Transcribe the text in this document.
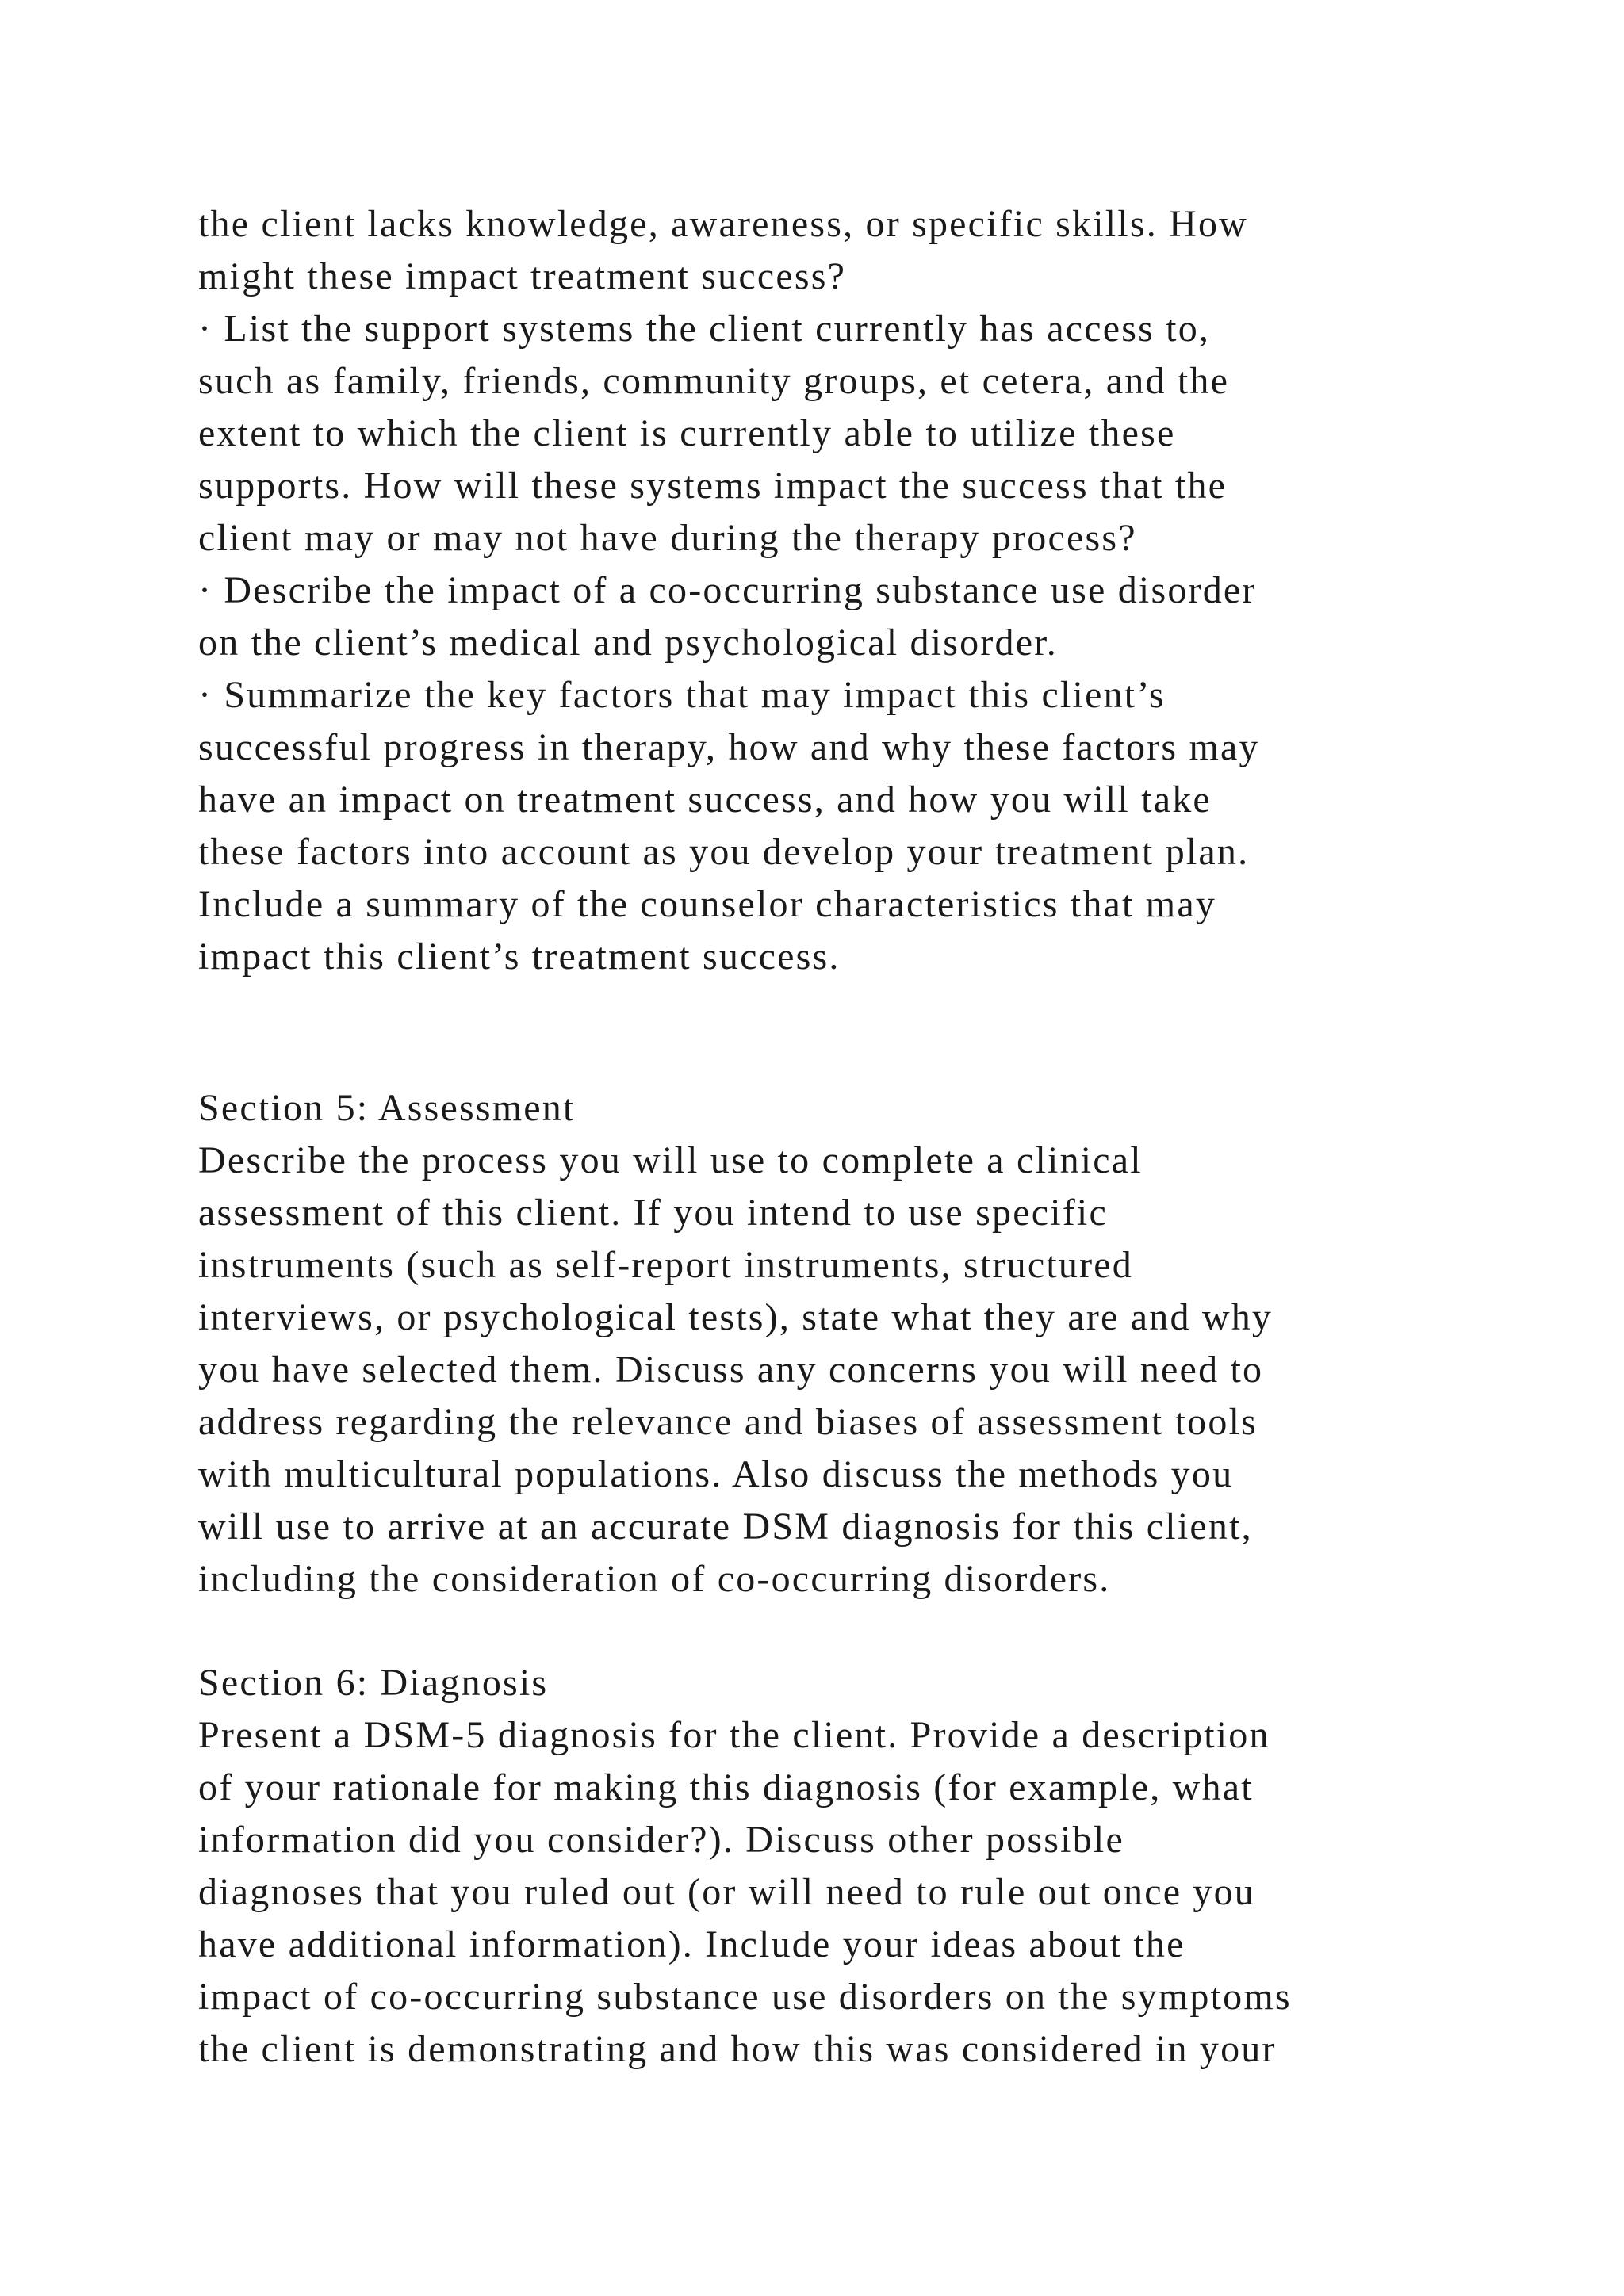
the client lacks knowledge, awareness, or specific skills. How
might these impact treatment success?
· List the support systems the client currently has access to,
such as family, friends, community groups, et cetera, and the
extent to which the client is currently able to utilize these
supports. How will these systems impact the success that the
client may or may not have during the therapy process?
· Describe the impact of a co-occurring substance use disorder
on the client’s medical and psychological disorder.
· Summarize the key factors that may impact this client’s
successful progress in therapy, how and why these factors may
have an impact on treatment success, and how you will take
these factors into account as you develop your treatment plan.
Include a summary of the counselor characteristics that may
impact this client’s treatment success.
Section 5: Assessment
Describe the process you will use to complete a clinical
assessment of this client. If you intend to use specific
instruments (such as self-report instruments, structured
interviews, or psychological tests), state what they are and why
you have selected them. Discuss any concerns you will need to
address regarding the relevance and biases of assessment tools
with multicultural populations. Also discuss the methods you
will use to arrive at an accurate DSM diagnosis for this client,
including the consideration of co-occurring disorders.
Section 6: Diagnosis
Present a DSM-5 diagnosis for the client. Provide a description
of your rationale for making this diagnosis (for example, what
information did you consider?). Discuss other possible
diagnoses that you ruled out (or will need to rule out once you
have additional information). Include your ideas about the
impact of co-occurring substance use disorders on the symptoms
the client is demonstrating and how this was considered in your
